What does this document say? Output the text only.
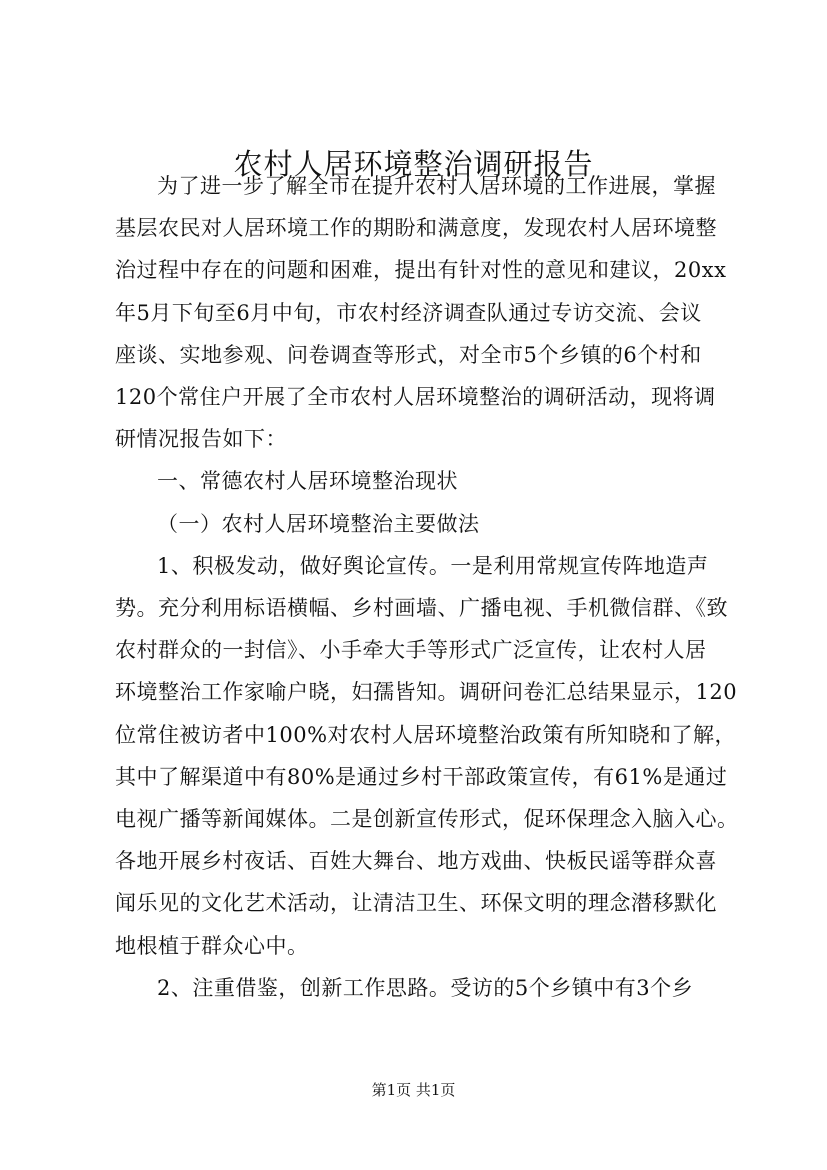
农村人居环境整治调研报告

为了进一步了解全市在提升农村人居环境的工作进展，掌握

基层农民对人居环境工作的期盼和满意度，发现农村人居环境整

治过程中存在的问题和困难，提出有针对性的意见和建议，20xx

年5月下旬至6月中旬，市农村经济调查队通过专访交流、会议

座谈、实地参观、问卷调查等形式，对全市5个乡镇的6个村和

120个常住户开展了全市农村人居环境整治的调研活动，现将调

研情况报告如下：

一、常德农村人居环境整治现状

（一）农村人居环境整治主要做法

1、积极发动，做好舆论宣传。一是利用常规宣传阵地造声

势。充分利用标语横幅、乡村画墙、广播电视、手机微信群、《致

农村群众的一封信》、小手牵大手等形式广泛宣传，让农村人居

环境整治工作家喻户晓，妇孺皆知。调研问卷汇总结果显示，120

位常住被访者中100%对农村人居环境整治政策有所知晓和了解，

其中了解渠道中有80%是通过乡村干部政策宣传，有61%是通过

电视广播等新闻媒体。二是创新宣传形式，促环保理念入脑入心。

各地开展乡村夜话、百姓大舞台、地方戏曲、快板民谣等群众喜

闻乐见的文化艺术活动，让清洁卫生、环保文明的理念潜移默化

地根植于群众心中。

2、注重借鉴，创新工作思路。受访的5个乡镇中有3个乡

第1页 共1页
